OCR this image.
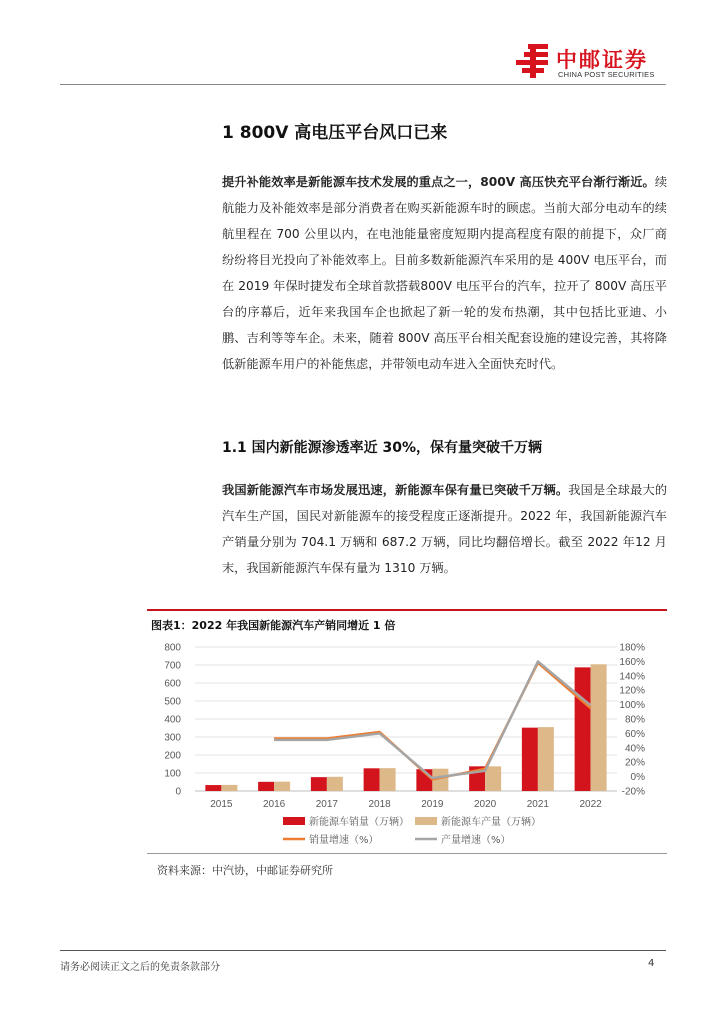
中邮证券
CHINA POST SECURITIES
1 800V 高电压平台风口已来
提升补能效率是新能源车技术发展的重点之一，800V 高压快充平台渐行渐近。续航能力及补能效率是部分消费者在购买新能源车时的顾虑。当前大部分电动车的续航里程在 700 公里以内，在电池能量密度短期内提高程度有限的前提下，众厂商纷纷将目光投向了补能效率上。目前多数新能源汽车采用的是 400V 电压平台，而在 2019 年保时捷发布全球首款搭载800V 电压平台的汽车，拉开了 800V 高压平台的序幕后，近年来我国车企也掀起了新一轮的发布热潮，其中包括比亚迪、小鹏、吉利等等车企。未来，随着 800V 高压平台相关配套设施的建设完善，其将降低新能源车用户的补能焦虑，并带领电动车进入全面快充时代。
1.1 国内新能源渗透率近 30%，保有量突破千万辆
我国新能源汽车市场发展迅速，新能源车保有量已突破千万辆。我国是全球最大的汽车生产国，国民对新能源车的接受程度正逐渐提升。2022 年，我国新能源汽车产销量分别为 704.1 万辆和 687.2 万辆，同比均翻倍增长。截至 2022 年12 月末，我国新能源汽车保有量为 1310 万辆。
图表1：2022 年我国新能源汽车产销同增近 1 倍
0
100
200
300
400
500
600
700
800
-20%
0%
20%
40%
60%
80%
100%
120%
140%
160%
180%
2015	2016	2017	2018	2019	2020	2021	2022
新能源车销量（万辆）	新能源车产量（万辆）
销量增速（%）	产量增速（%）
资料来源：中汽协，中邮证券研究所
请务必阅读正文之后的免责条款部分	4
